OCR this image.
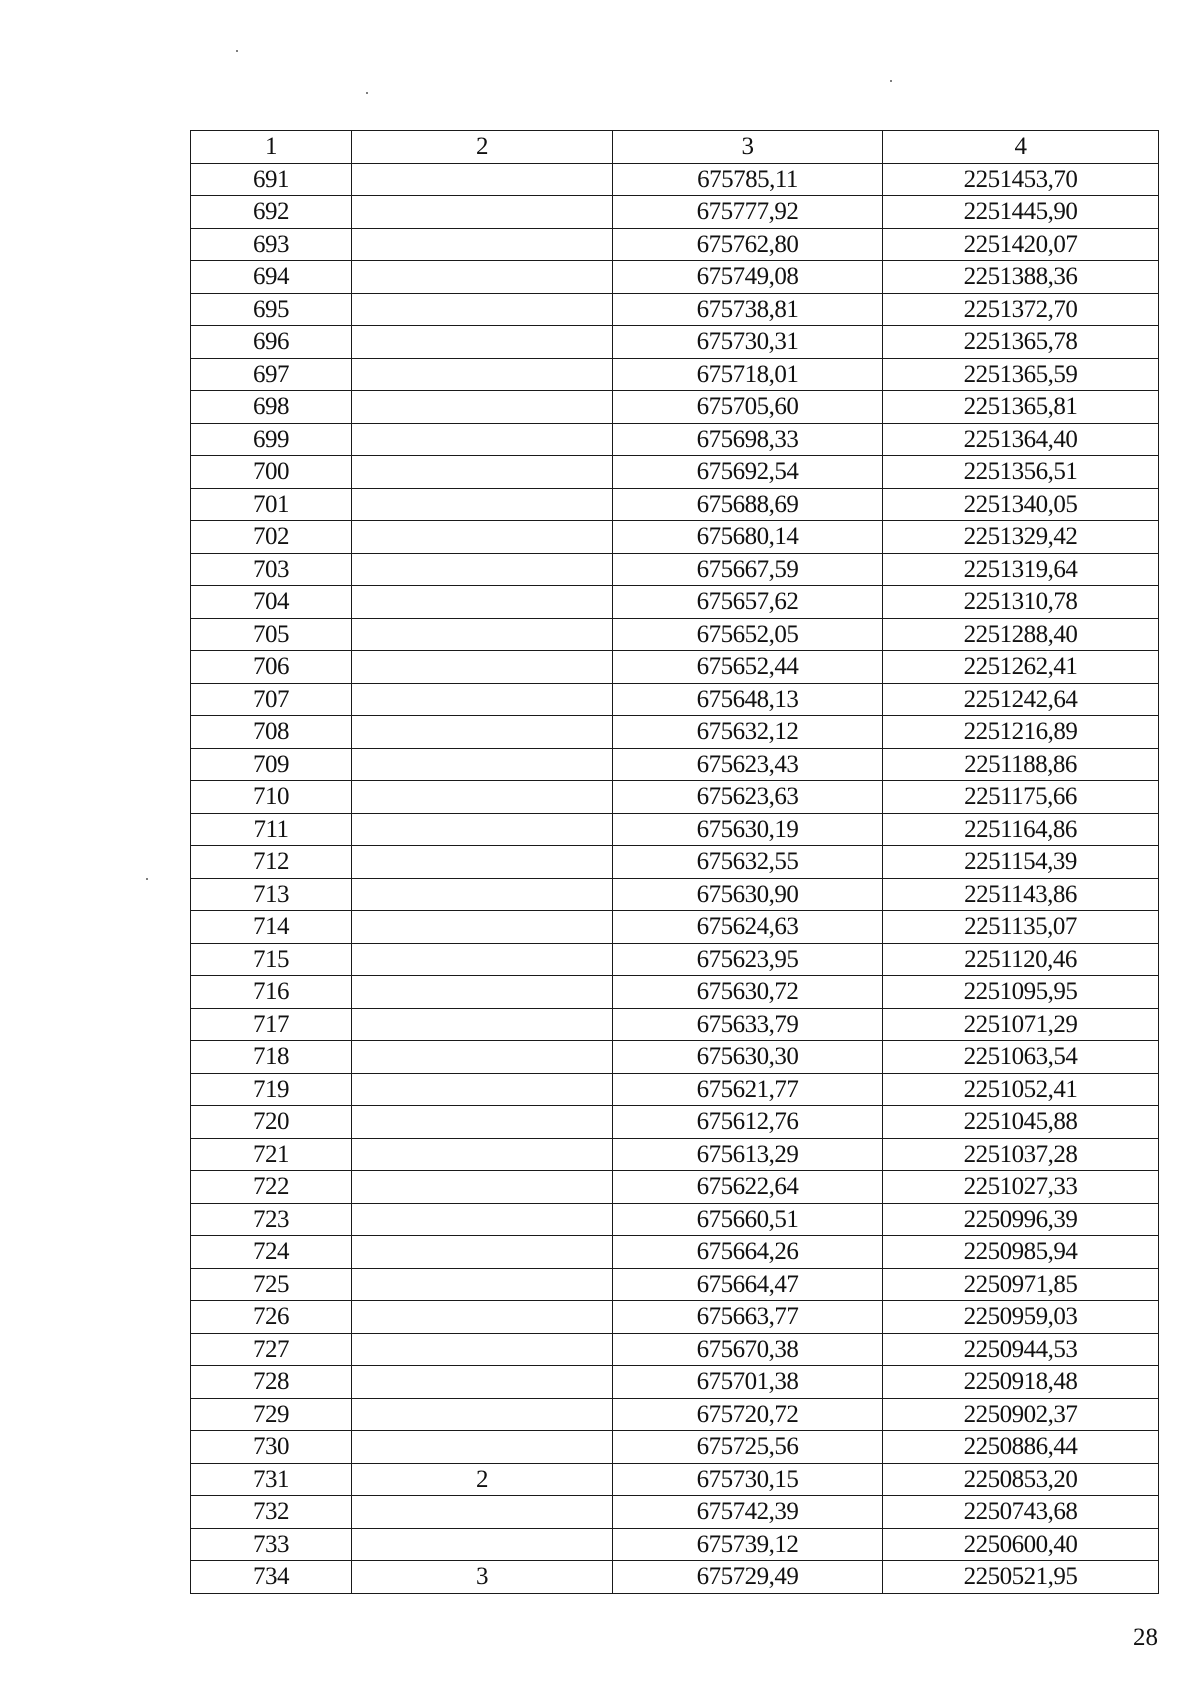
1	2	3	4
691		675785,11	2251453,70
692		675777,92	2251445,90
693		675762,80	2251420,07
694		675749,08	2251388,36
695		675738,81	2251372,70
696		675730,31	2251365,78
697		675718,01	2251365,59
698		675705,60	2251365,81
699		675698,33	2251364,40
700		675692,54	2251356,51
701		675688,69	2251340,05
702		675680,14	2251329,42
703		675667,59	2251319,64
704		675657,62	2251310,78
705		675652,05	2251288,40
706		675652,44	2251262,41
707		675648,13	2251242,64
708		675632,12	2251216,89
709		675623,43	2251188,86
710		675623,63	2251175,66
711		675630,19	2251164,86
712		675632,55	2251154,39
713		675630,90	2251143,86
714		675624,63	2251135,07
715		675623,95	2251120,46
716		675630,72	2251095,95
717		675633,79	2251071,29
718		675630,30	2251063,54
719		675621,77	2251052,41
720		675612,76	2251045,88
721		675613,29	2251037,28
722		675622,64	2251027,33
723		675660,51	2250996,39
724		675664,26	2250985,94
725		675664,47	2250971,85
726		675663,77	2250959,03
727		675670,38	2250944,53
728		675701,38	2250918,48
729		675720,72	2250902,37
730		675725,56	2250886,44
731	2	675730,15	2250853,20
732		675742,39	2250743,68
733		675739,12	2250600,40
734	3	675729,49	2250521,95
28
